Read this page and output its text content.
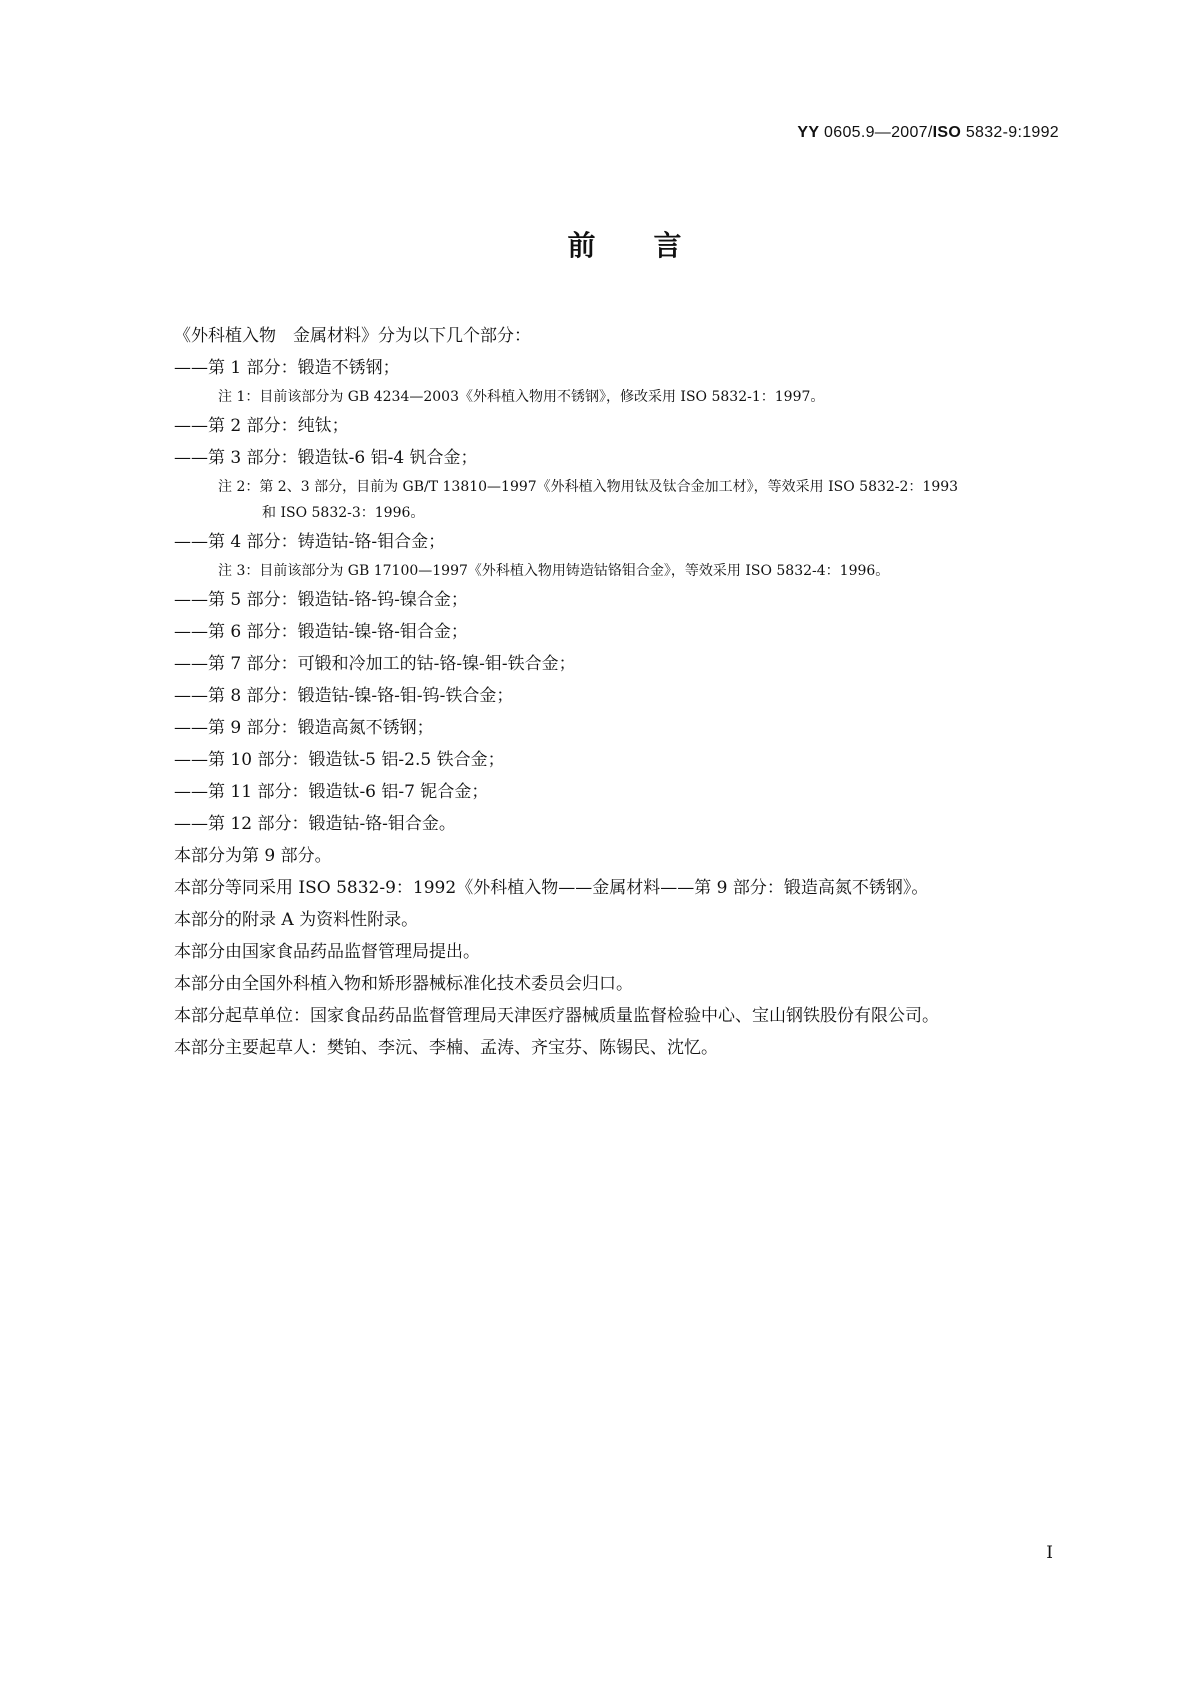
YY 0605.9—2007/ISO 5832-9:1992
前言
《外科植入物　金属材料》分为以下几个部分：
——第 1 部分：锻造不锈钢；
注 1：目前该部分为 GB 4234—2003《外科植入物用不锈钢》，修改采用 ISO 5832-1：1997。
——第 2 部分：纯钛；
——第 3 部分：锻造钛-6 铝-4 钒合金；
注 2：第 2、3 部分，目前为 GB/T 13810—1997《外科植入物用钛及钛合金加工材》，等效采用 ISO 5832-2：1993
和 ISO 5832-3：1996。
——第 4 部分：铸造钴-铬-钼合金；
注 3：目前该部分为 GB 17100—1997《外科植入物用铸造钴铬钼合金》，等效采用 ISO 5832-4：1996。
——第 5 部分：锻造钴-铬-钨-镍合金；
——第 6 部分：锻造钴-镍-铬-钼合金；
——第 7 部分：可锻和冷加工的钴-铬-镍-钼-铁合金；
——第 8 部分：锻造钴-镍-铬-钼-钨-铁合金；
——第 9 部分：锻造高氮不锈钢；
——第 10 部分：锻造钛-5 铝-2.5 铁合金；
——第 11 部分：锻造钛-6 铝-7 铌合金；
——第 12 部分：锻造钴-铬-钼合金。
本部分为第 9 部分。
本部分等同采用 ISO 5832-9：1992《外科植入物——金属材料——第 9 部分：锻造高氮不锈钢》。
本部分的附录 A 为资料性附录。
本部分由国家食品药品监督管理局提出。
本部分由全国外科植入物和矫形器械标准化技术委员会归口。
本部分起草单位：国家食品药品监督管理局天津医疗器械质量监督检验中心、宝山钢铁股份有限公司。
本部分主要起草人：樊铂、李沅、李楠、孟涛、齐宝芬、陈锡民、沈忆。
I
